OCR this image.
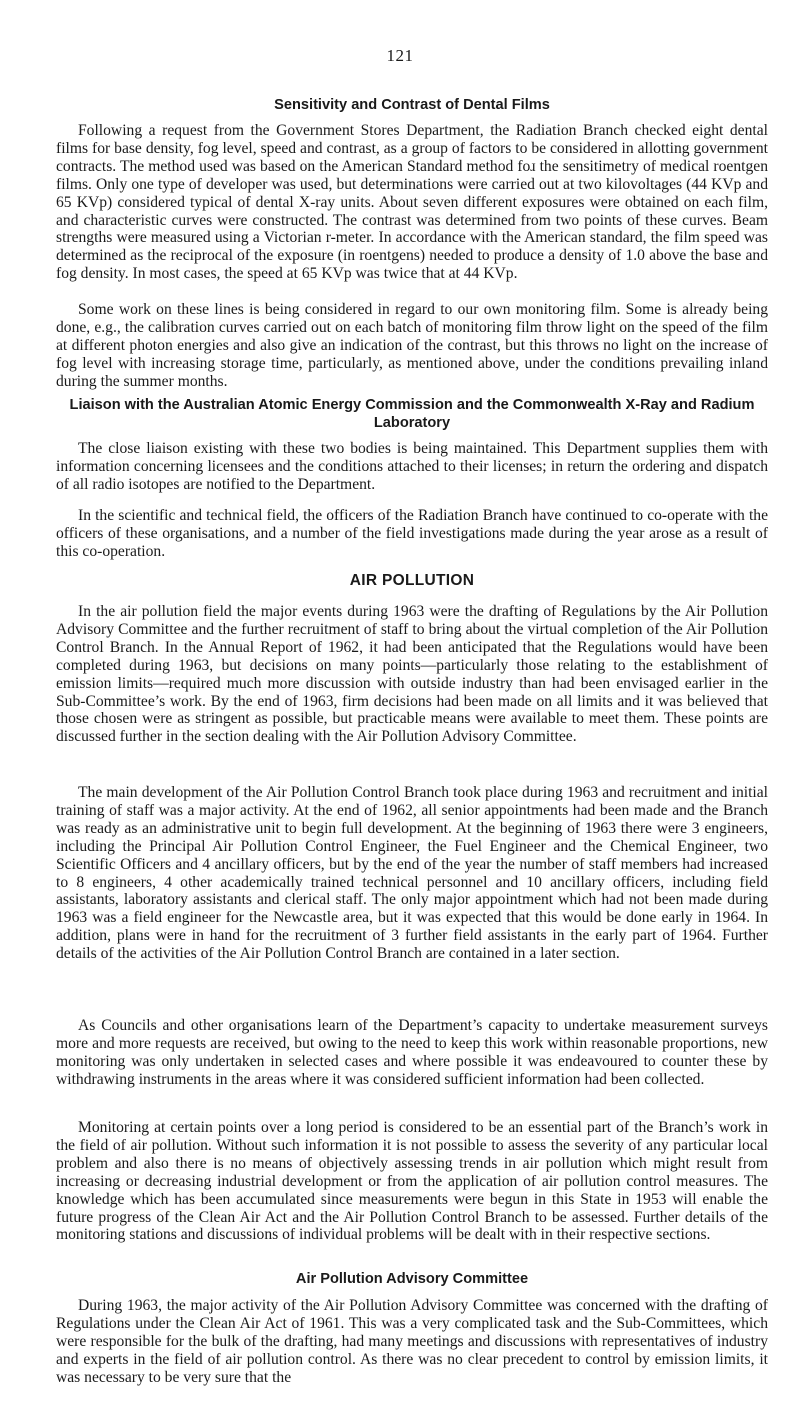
121
Sensitivity and Contrast of Dental Films

Following a request from the Government Stores Department, the Radiation Branch checked eight dental films for base density, fog level, speed and contrast, as a group of factors to be considered in allotting government contracts. The method used was based on the American Standard method foɹ the sensitimetry of medical roentgen films. Only one type of developer was used, but determinations were carried out at two kilovoltages (44 KVp and 65 KVp) considered typical of dental X-ray units. About seven different exposures were obtained on each film, and characteristic curves were constructed. The contrast was determined from two points of these curves. Beam strengths were measured using a Victorian r-meter. In accordance with the American standard, the film speed was determined as the reciprocal of the exposure (in roentgens) needed to produce a density of 1.0 above the base and fog density. In most cases, the speed at 65 KVp was twice that at 44 KVp.

Some work on these lines is being considered in regard to our own monitoring film. Some is already being done, e.g., the calibration curves carried out on each batch of monitoring film throw light on the speed of the film at different photon energies and also give an indication of the contrast, but this throws no light on the increase of fog level with increasing storage time, particularly, as mentioned above, under the conditions prevailing inland during the summer months.

Liaison with the Australian Atomic Energy Commission and the Commonwealth X-Ray and Radium
Laboratory

The close liaison existing with these two bodies is being maintained. This Department supplies them with information concerning licensees and the conditions attached to their licenses; in return the ordering and dispatch of all radio isotopes are notified to the Department.

In the scientific and technical field, the officers of the Radiation Branch have continued to co-operate with the officers of these organisations, and a number of the field investigations made during the year arose as a result of this co-operation.

AIR POLLUTION

In the air pollution field the major events during 1963 were the drafting of Regulations by the Air Pollution Advisory Committee and the further recruitment of staff to bring about the virtual completion of the Air Pollution Control Branch. In the Annual Report of 1962, it had been anticipated that the Regulations would have been completed during 1963, but decisions on many points—particularly those relating to the establishment of emission limits—required much more discussion with outside industry than had been envisaged earlier in the Sub-Committee’s work. By the end of 1963, firm decisions had been made on all limits and it was believed that those chosen were as stringent as possible, but practicable means were available to meet them. These points are discussed further in the section dealing with the Air Pollution Advisory Committee.

The main development of the Air Pollution Control Branch took place during 1963 and recruitment and initial training of staff was a major activity. At the end of 1962, all senior appointments had been made and the Branch was ready as an administrative unit to begin full development. At the beginning of 1963 there were 3 engineers, including the Principal Air Pollution Control Engineer, the Fuel Engineer and the Chemical Engineer, two Scientific Officers and 4 ancillary officers, but by the end of the year the number of staff members had increased to 8 engineers, 4 other academically trained technical personnel and 10 ancillary officers, including field assistants, laboratory assistants and clerical staff. The only major appointment which had not been made during 1963 was a field engineer for the Newcastle area, but it was expected that this would be done early in 1964. In addition, plans were in hand for the recruitment of 3 further field assistants in the early part of 1964. Further details of the activities of the Air Pollution Control Branch are contained in a later section.

As Councils and other organisations learn of the Department’s capacity to undertake measurement surveys more and more requests are received, but owing to the need to keep this work within reasonable proportions, new monitoring was only undertaken in selected cases and where possible it was endeavoured to counter these by withdrawing instruments in the areas where it was considered sufficient information had been collected.

Monitoring at certain points over a long period is considered to be an essential part of the Branch’s work in the field of air pollution. Without such information it is not possible to assess the severity of any particular local problem and also there is no means of objectively assessing trends in air pollution which might result from increasing or decreasing industrial development or from the application of air pollution control measures. The knowledge which has been accumulated since measurements were begun in this State in 1953 will enable the future progress of the Clean Air Act and the Air Pollution Control Branch to be assessed. Further details of the monitoring stations and discussions of individual problems will be dealt with in their respective sections.

Air Pollution Advisory Committee

During 1963, the major activity of the Air Pollution Advisory Committee was concerned with the drafting of Regulations under the Clean Air Act of 1961. This was a very complicated task and the Sub-Committees, which were responsible for the bulk of the drafting, had many meetings and discussions with representatives of industry and experts in the field of air pollution control. As there was no clear precedent to control by emission limits, it was necessary to be very sure that the
